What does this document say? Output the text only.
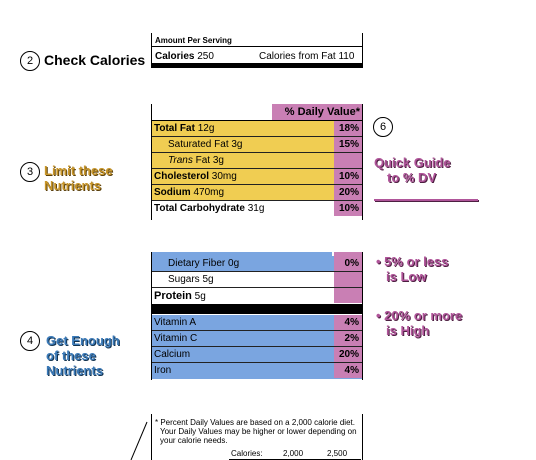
2 Check Calories
Amount Per Serving
Calories 250	Calories from Fat 110
3 Limit these
Nutrients
% Daily Value*
Total Fat 12g	18%
Saturated Fat 3g	15%
Trans Fat 3g
Cholesterol 30mg	10%
Sodium 470mg	20%
Total Carbohydrate 31g	10%
6
Quick Guide
to % DV
• 5% or less
is Low
• 20% or more
is High
4 Get Enough
of these
Nutrients
Dietary Fiber 0g	0%
Sugars 5g
Protein 5g
Vitamin A	4%
Vitamin C	2%
Calcium	20%
Iron	4%
* Percent Daily Values are based on a 2,000 calorie diet.
Your Daily Values may be higher or lower depending on
your calorie needs.
Calories:	2,000	2,500
